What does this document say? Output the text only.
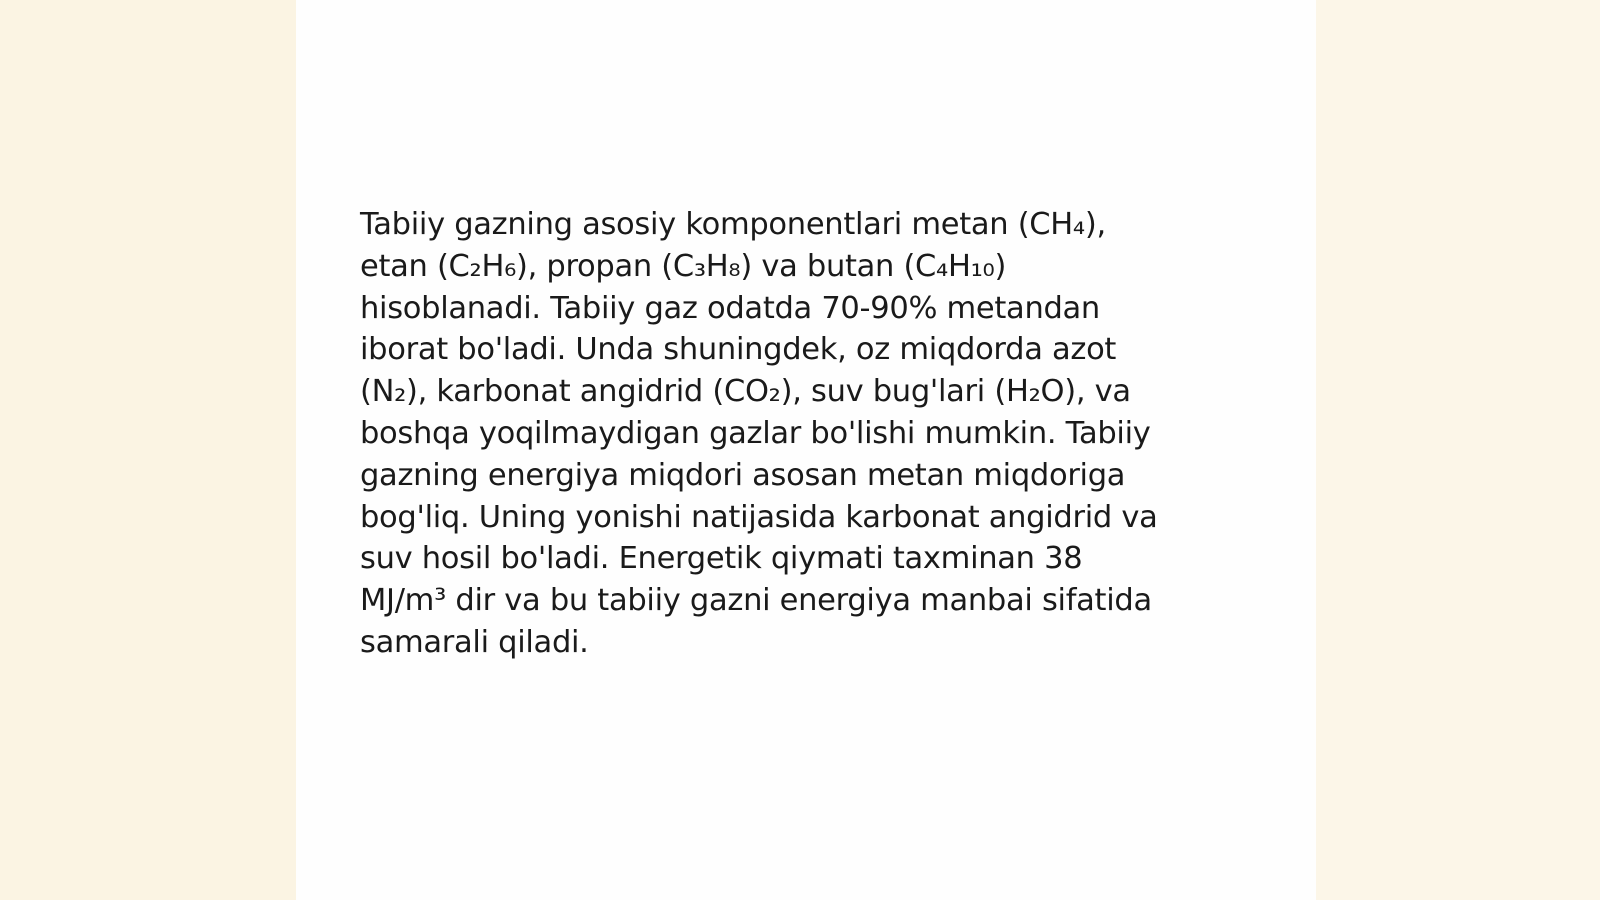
Tabiiy gazning asosiy komponentlari metan (CH₄),
etan (C₂H₆), propan (C₃H₈) va butan (C₄H₁₀)
hisoblanadi. Tabiiy gaz odatda 70-90% metandan
iborat bo'ladi. Unda shuningdek, oz miqdorda azot
(N₂), karbonat angidrid (CO₂), suv bug'lari (H₂O), va
boshqa yoqilmaydigan gazlar bo'lishi mumkin. Tabiiy
gazning energiya miqdori asosan metan miqdoriga
bog'liq. Uning yonishi natijasida karbonat angidrid va
suv hosil bo'ladi. Energetik qiymati taxminan 38
MJ/m³ dir va bu tabiiy gazni energiya manbai sifatida
samarali qiladi.
